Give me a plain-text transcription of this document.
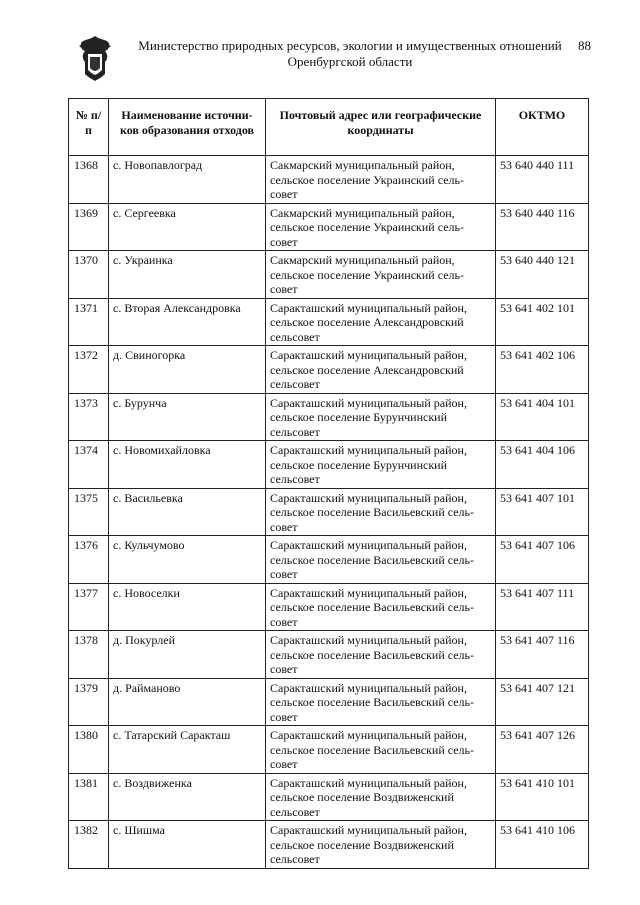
Министерство природных ресурсов, экологии и имущественных отношений
Оренбургской области
88
№ п/п	Наименование источни-ков образования отходов	Почтовый адрес или географические координаты	ОКТМО
1368	с. Новопавлоград	Сакмарский муниципальный район, сельское поселение Украинский сель-совет	53 640 440 111
1369	с. Сергеевка	Сакмарский муниципальный район, сельское поселение Украинский сель-совет	53 640 440 116
1370	с. Украинка	Сакмарский муниципальный район, сельское поселение Украинский сель-совет	53 640 440 121
1371	с. Вторая Александровка	Саракташский муниципальный район, сельское поселение Александровский сельсовет	53 641 402 101
1372	д. Свиногорка	Саракташский муниципальный район, сельское поселение Александровский сельсовет	53 641 402 106
1373	с. Бурунча	Саракташский муниципальный район, сельское поселение Бурунчинский сельсовет	53 641 404 101
1374	с. Новомихайловка	Саракташский муниципальный район, сельское поселение Бурунчинский сельсовет	53 641 404 106
1375	с. Васильевка	Саракташский муниципальный район, сельское поселение Васильевский сель-совет	53 641 407 101
1376	с. Кульчумово	Саракташский муниципальный район, сельское поселение Васильевский сель-совет	53 641 407 106
1377	с. Новоселки	Саракташский муниципальный район, сельское поселение Васильевский сель-совет	53 641 407 111
1378	д. Покурлей	Саракташский муниципальный район, сельское поселение Васильевский сель-совет	53 641 407 116
1379	д. Райманово	Саракташский муниципальный район, сельское поселение Васильевский сель-совет	53 641 407 121
1380	с. Татарский Саракташ	Саракташский муниципальный район, сельское поселение Васильевский сель-совет	53 641 407 126
1381	с. Воздвиженка	Саракташский муниципальный район, сельское поселение Воздвиженский сельсовет	53 641 410 101
1382	с. Шишма	Саракташский муниципальный район, сельское поселение Воздвиженский сельсовет	53 641 410 106
